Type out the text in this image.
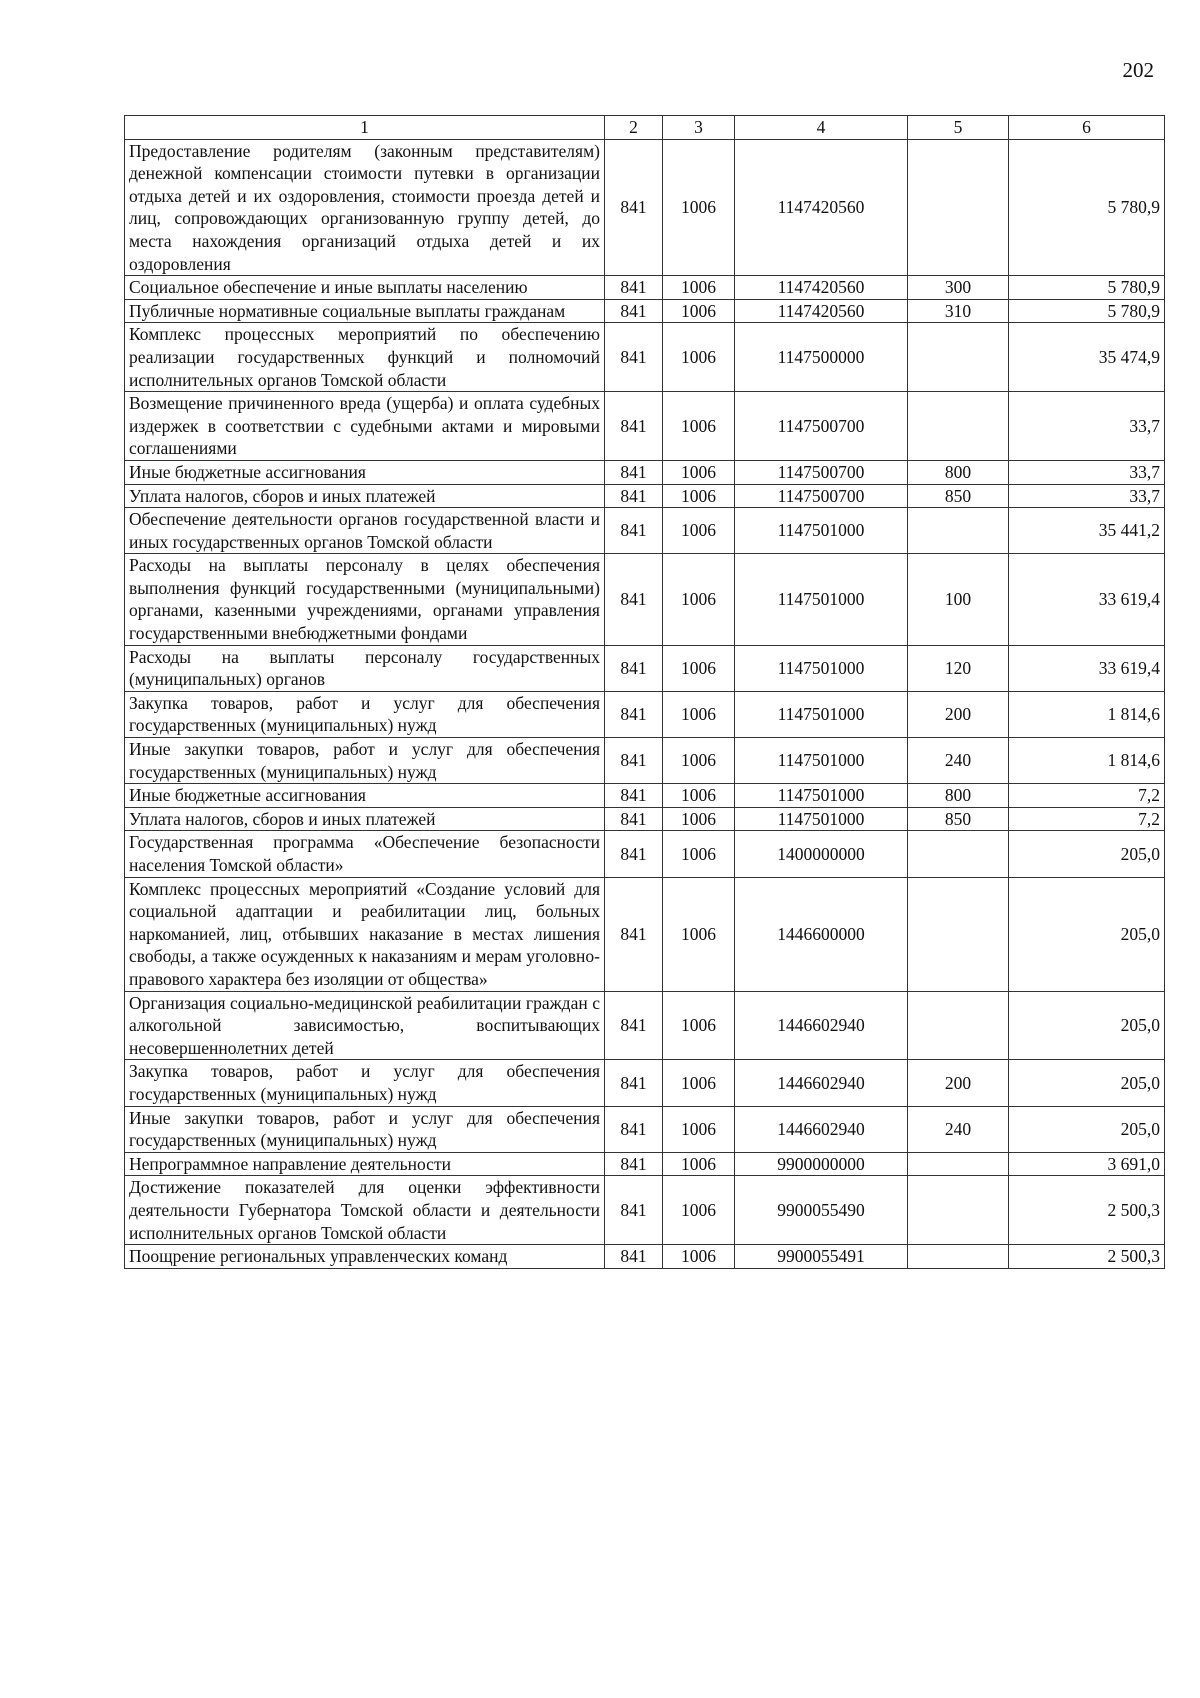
202
1	2	3	4	5	6
Предоставление родителям (законным представителям) денежной компенсации стоимости путевки в организации отдыха детей и их оздоровления, стоимости проезда детей и лиц, сопровождающих организованную группу детей, до места нахождения организаций отдыха детей и их оздоровления	841	1006	1147420560		5 780,9
Социальное обеспечение и иные выплаты населению	841	1006	1147420560	300	5 780,9
Публичные нормативные социальные выплаты гражданам	841	1006	1147420560	310	5 780,9
Комплекс процессных мероприятий по обеспечению реализации государственных функций и полномочий исполнительных органов Томской области	841	1006	1147500000		35 474,9
Возмещение причиненного вреда (ущерба) и оплата судебных издержек в соответствии с судебными актами и мировыми соглашениями	841	1006	1147500700		33,7
Иные бюджетные ассигнования	841	1006	1147500700	800	33,7
Уплата налогов, сборов и иных платежей	841	1006	1147500700	850	33,7
Обеспечение деятельности органов государственной власти и иных государственных органов Томской области	841	1006	1147501000		35 441,2
Расходы на выплаты персоналу в целях обеспечения выполнения функций государственными (муниципальными) органами, казенными учреждениями, органами управления государственными внебюджетными фондами	841	1006	1147501000	100	33 619,4
Расходы на выплаты персоналу государственных (муниципальных) органов	841	1006	1147501000	120	33 619,4
Закупка товаров, работ и услуг для обеспечения государственных (муниципальных) нужд	841	1006	1147501000	200	1 814,6
Иные закупки товаров, работ и услуг для обеспечения государственных (муниципальных) нужд	841	1006	1147501000	240	1 814,6
Иные бюджетные ассигнования	841	1006	1147501000	800	7,2
Уплата налогов, сборов и иных платежей	841	1006	1147501000	850	7,2
Государственная программа «Обеспечение безопасности населения Томской области»	841	1006	1400000000		205,0
Комплекс процессных мероприятий «Создание условий для социальной адаптации и реабилитации лиц, больных наркоманией, лиц, отбывших наказание в местах лишения свободы, а также осужденных к наказаниям и мерам уголовно-правового характера без изоляции от общества»	841	1006	1446600000		205,0
Организация социально-медицинской реабилитации граждан с алкогольной зависимостью, воспитывающих несовершеннолетних детей	841	1006	1446602940		205,0
Закупка товаров, работ и услуг для обеспечения государственных (муниципальных) нужд	841	1006	1446602940	200	205,0
Иные закупки товаров, работ и услуг для обеспечения государственных (муниципальных) нужд	841	1006	1446602940	240	205,0
Непрограммное направление деятельности	841	1006	9900000000		3 691,0
Достижение показателей для оценки эффективности деятельности Губернатора Томской области и деятельности исполнительных органов Томской области	841	1006	9900055490		2 500,3
Поощрение региональных управленческих команд	841	1006	9900055491		2 500,3
